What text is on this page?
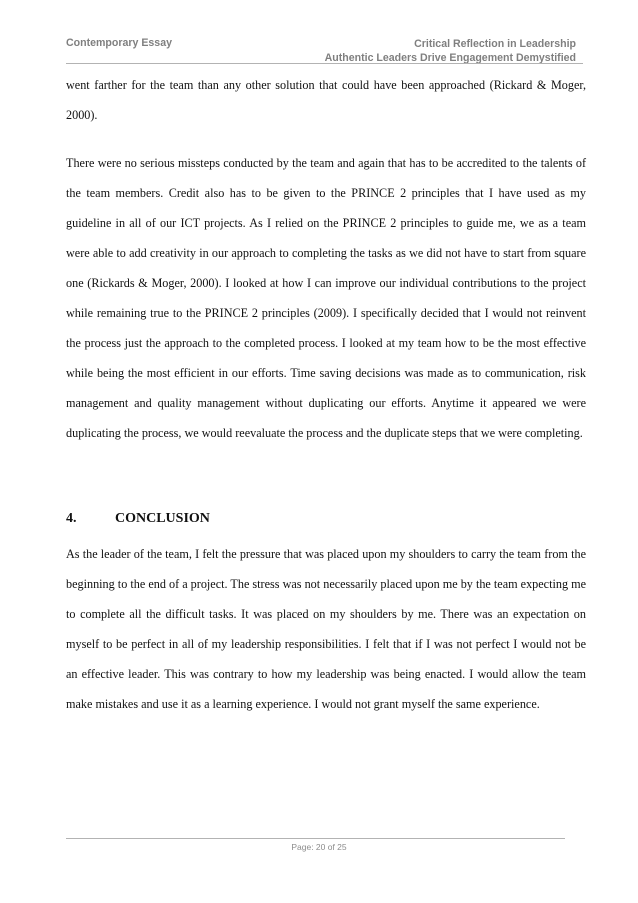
Contemporary Essay	Critical Reflection in Leadership
Authentic Leaders Drive Engagement Demystified
went farther for the team than any other solution that could have been approached (Rickard & Moger, 2000).
There were no serious missteps conducted by the team and again that has to be accredited to the talents of the team members. Credit also has to be given to the PRINCE 2 principles that I have used as my guideline in all of our ICT projects. As I relied on the PRINCE 2 principles to guide me, we as a team were able to add creativity in our approach to completing the tasks as we did not have to start from square one (Rickards & Moger, 2000). I looked at how I can improve our individual contributions to the project while remaining true to the PRINCE 2 principles (2009). I specifically decided that I would not reinvent the process just the approach to the completed process. I looked at my team how to be the most effective while being the most efficient in our efforts. Time saving decisions was made as to communication, risk management and quality management without duplicating our efforts. Anytime it appeared we were duplicating the process, we would reevaluate the process and the duplicate steps that we were completing.
4.	CONCLUSION
As the leader of the team, I felt the pressure that was placed upon my shoulders to carry the team from the beginning to the end of a project. The stress was not necessarily placed upon me by the team expecting me to complete all the difficult tasks. It was placed on my shoulders by me. There was an expectation on myself to be perfect in all of my leadership responsibilities. I felt that if I was not perfect I would not be an effective leader. This was contrary to how my leadership was being enacted. I would allow the team make mistakes and use it as a learning experience. I would not grant myself the same experience.
Page: 20 of 25
